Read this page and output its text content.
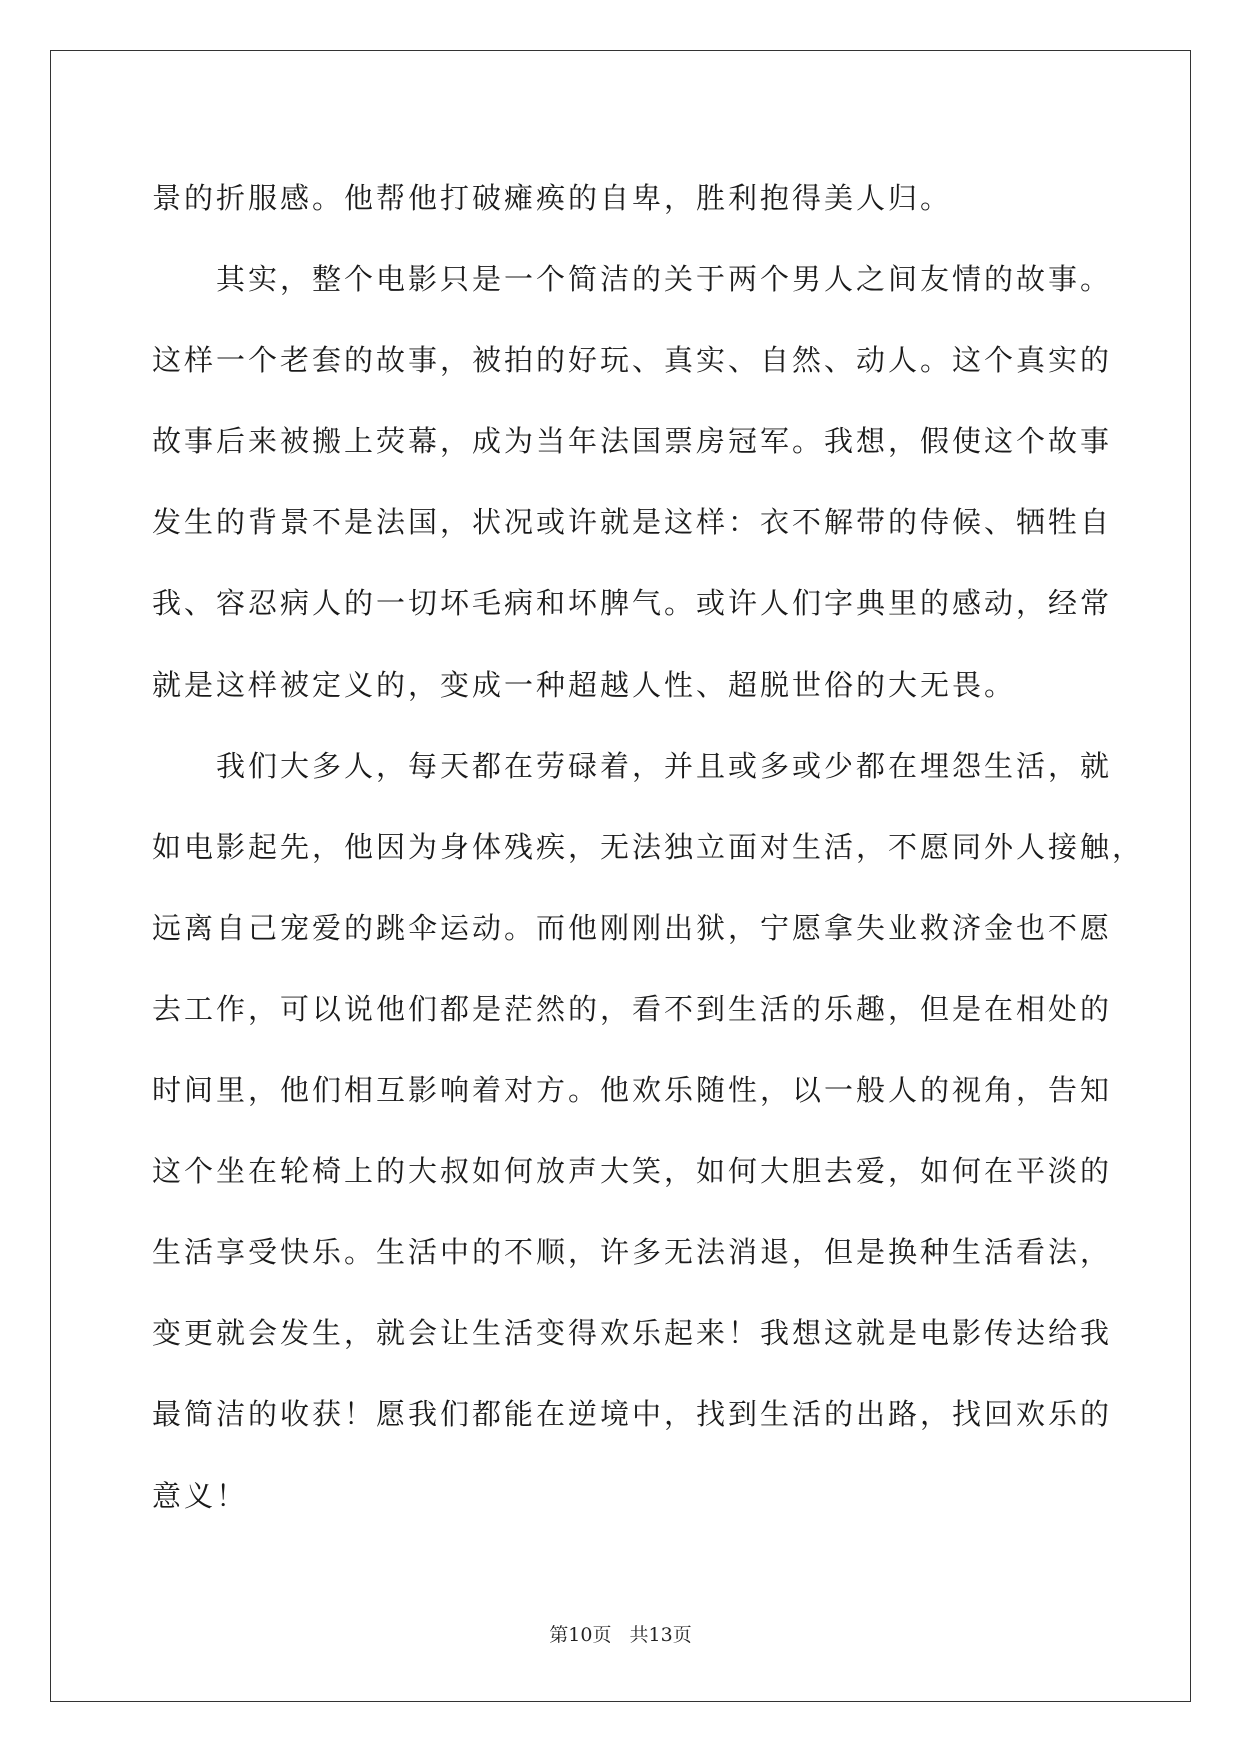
景的折服感。他帮他打破瘫痪的自卑，胜利抱得美人归。
　　其实，整个电影只是一个简洁的关于两个男人之间友情的故事。
这样一个老套的故事，被拍的好玩、真实、自然、动人。这个真实的
故事后来被搬上荧幕，成为当年法国票房冠军。我想，假使这个故事
发生的背景不是法国，状况或许就是这样：衣不解带的侍候、牺牲自
我、容忍病人的一切坏毛病和坏脾气。或许人们字典里的感动，经常
就是这样被定义的，变成一种超越人性、超脱世俗的大无畏。
　　我们大多人，每天都在劳碌着，并且或多或少都在埋怨生活，就
如电影起先，他因为身体残疾，无法独立面对生活，不愿同外人接触，
远离自己宠爱的跳伞运动。而他刚刚出狱，宁愿拿失业救济金也不愿
去工作，可以说他们都是茫然的，看不到生活的乐趣，但是在相处的
时间里，他们相互影响着对方。他欢乐随性，以一般人的视角，告知
这个坐在轮椅上的大叔如何放声大笑，如何大胆去爱，如何在平淡的
生活享受快乐。生活中的不顺，许多无法消退，但是换种生活看法，
变更就会发生，就会让生活变得欢乐起来！我想这就是电影传达给我
最简洁的收获！愿我们都能在逆境中，找到生活的出路，找回欢乐的
意义！
第10页 共13页
